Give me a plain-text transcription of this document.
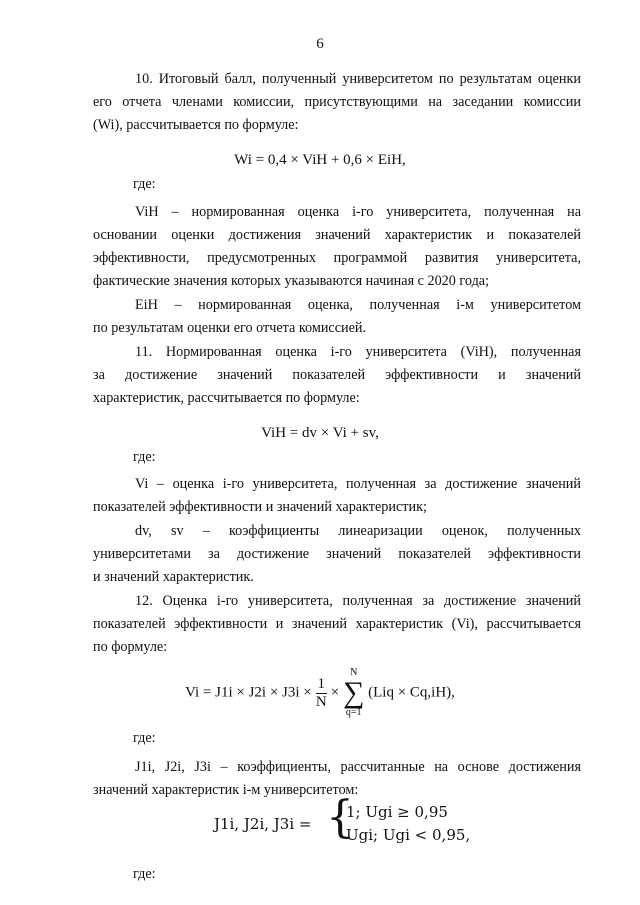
6
10. Итоговый балл, полученный университетом по результатам оценки
его отчета членами комиссии, присутствующими на заседании комиссии
(Wi), рассчитывается по формуле:
Wi = 0,4 × ViН + 0,6 × EiН,
где:
ViН – нормированная оценка i-го университета, полученная на
основании оценки достижения значений характеристик и показателей
эффективности, предусмотренных программой развития университета,
фактические значения которых указываются начиная с 2020 года;
EiН – нормированная оценка, полученная i-м университетом
по результатам оценки его отчета комиссией.
11. Нормированная оценка i-го университета (ViН), полученная
за достижение значений показателей эффективности и значений
характеристик, рассчитывается по формуле:
ViН = dv × Vi + sv,
где:
Vi – оценка i-го университета, полученная за достижение значений
показателей эффективности и значений характеристик;
dv, sv – коэффициенты линеаризации оценок, полученных
университетами за достижение значений показателей эффективности
и значений характеристик.
12. Оценка i-го университета, полученная за достижение значений
показателей эффективности и значений характеристик (Vi), рассчитывается
по формуле:
$Vi = J1i \times J2i \times J3i \times \frac{1}{N}$ ×
N
∑
q=1
(Liq × Cq,iН),
где:
J1i, J2i, J3i – коэффициенты, рассчитанные на основе достижения
значений характеристик i-м университетом:
J1i, J2i, J3i = {
1; Ugi ≥ 0,95
Ugi; Ugi < 0,95,
где:
